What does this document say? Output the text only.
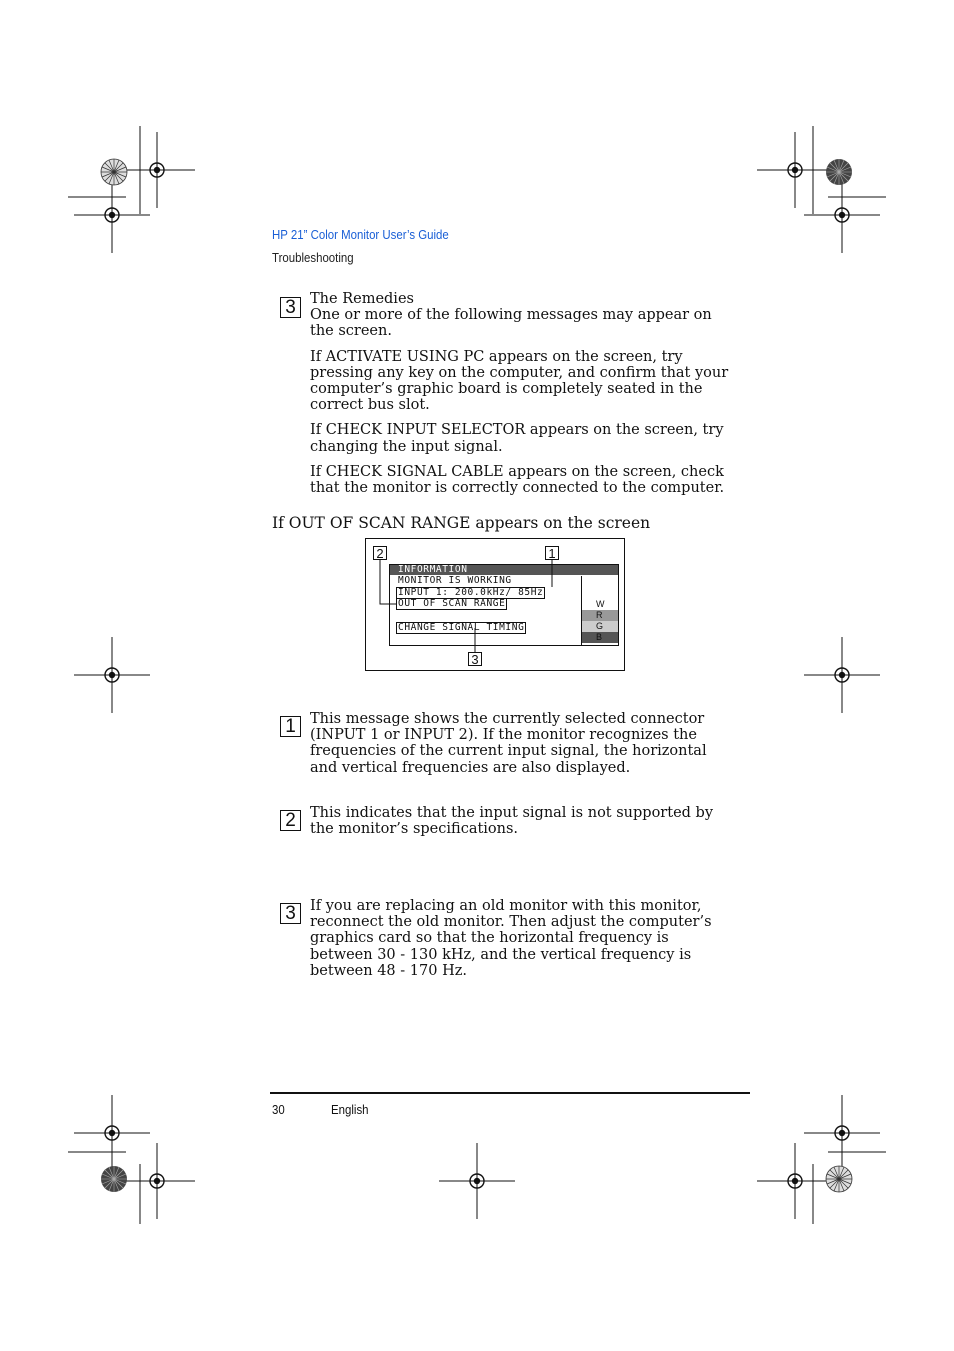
HP 21” Color Monitor User’s Guide
Troubleshooting
3 The Remedies

One or more of the following messages may appear on the screen.

If ACTIVATE USING PC appears on the screen, try pressing any key on the computer, and confirm that your computer’s graphic board is completely seated in the correct bus slot.

If CHECK INPUT SELECTOR appears on the screen, try changing the input signal.

If CHECK SIGNAL CABLE appears on the screen, check that the monitor is correctly connected to the computer.

If OUT OF SCAN RANGE appears on the screen
INFORMATION
MONITOR IS WORKING
INPUT 1: 200.0kHz/ 85Hz
OUT OF SCAN RANGE
CHANGE SIGNAL TIMING
W
R
G
B
2	1
3
1 This message shows the currently selected connector (INPUT 1 or INPUT 2). If the monitor recognizes the frequencies of the current input signal, the horizontal and vertical frequencies are also displayed.
2 This indicates that the input signal is not supported by the monitor’s specifications.
3 If you are replacing an old monitor with this monitor, reconnect the old monitor. Then adjust the computer’s graphics card so that the horizontal frequency is between 30 - 130 kHz, and the vertical frequency is between 48 - 170 Hz.
30	English
